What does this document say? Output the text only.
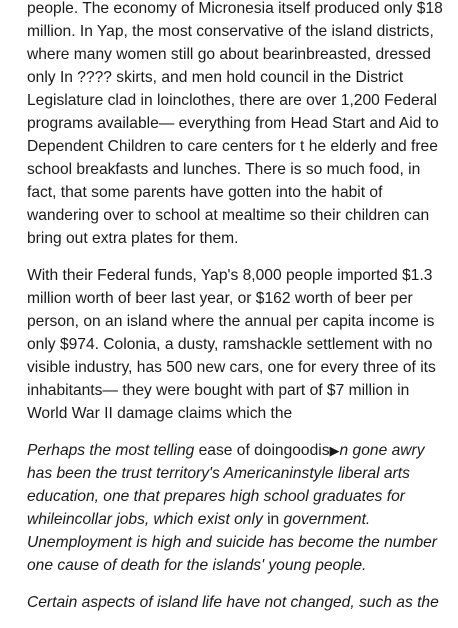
people. The economy of Micronesia itself produced only $18
million. In Yap, the most conservative of the island districts,
where many women still go about bearinbreasted, dressed
only In ???? skirts, and men hold council in the District
Legislature clad in loinclothes, there are over 1,200 Federal
programs available— everything from Head Start and Aid to
Dependent Children to care centers for t he elderly and free
school breakfasts and lunches. There is so much food, in
fact, that some parents have gotten into the habit of
wandering over to school at mealtime so their children can
bring out extra plates for them.

With their Federal funds, Yap's 8,000 people imported $1.3
million worth of beer last year, or $162 worth of beer per
person, on an island where the annual per capita income is
only $974. Colonia, a dusty, ramshackle settlement with no
visible industry, has 500 new cars, one for every three of its
inhabitants— they were bought with part of $7 million in
World War II damage claims which the

Perhaps the most telling ease of doingoodis▶n gone awry
has been the trust territory's Americaninstyle liberal arts
education, one that prepares high school graduates for
whileincollar jobs, which exist only in government.
Unemployment is high and suicide has become the number
one cause of death for the islands' young people.

Certain aspects of island life have not changed, such as the
